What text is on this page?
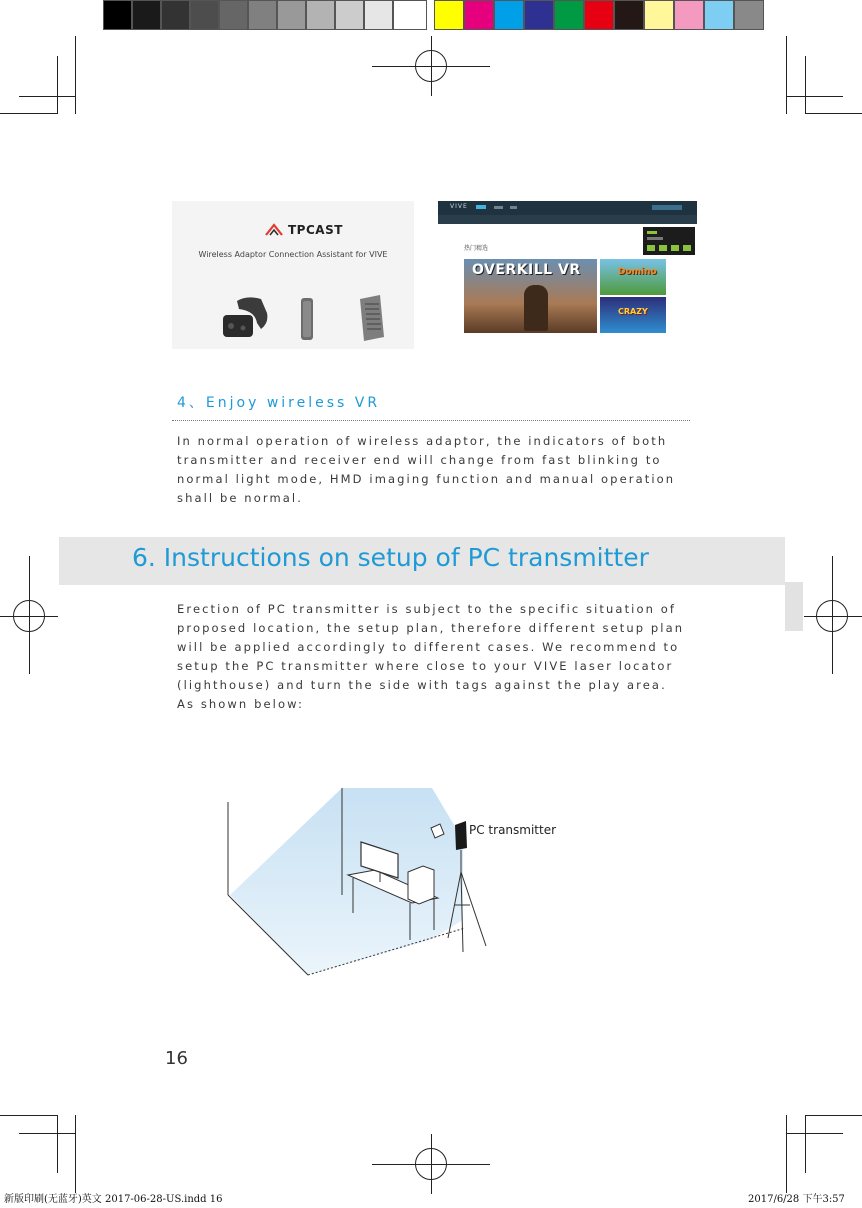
TPCAST
Wireless Adaptor Connection Assistant for VIVE
VIVE
热门精选
OVERKILL VR	Domino
CRAZY
4、Enjoy wireless VR
In normal operation of wireless adaptor, the indicators of both
transmitter and receiver end will change from fast blinking to
normal light mode, HMD imaging function and manual operation
shall be normal.
6. Instructions on setup of PC transmitter
Erection of PC transmitter is subject to the specific situation of
proposed location, the setup plan, therefore different setup plan
will be applied accordingly to different cases. We recommend to
setup the PC transmitter where close to your VIVE laser locator
(lighthouse) and turn the side with tags against the play area.
As shown below:
PC transmitter
16
新版印刷(无蓝牙)英文 2017-06-28-US.indd 16	2017/6/28 下午3:57
